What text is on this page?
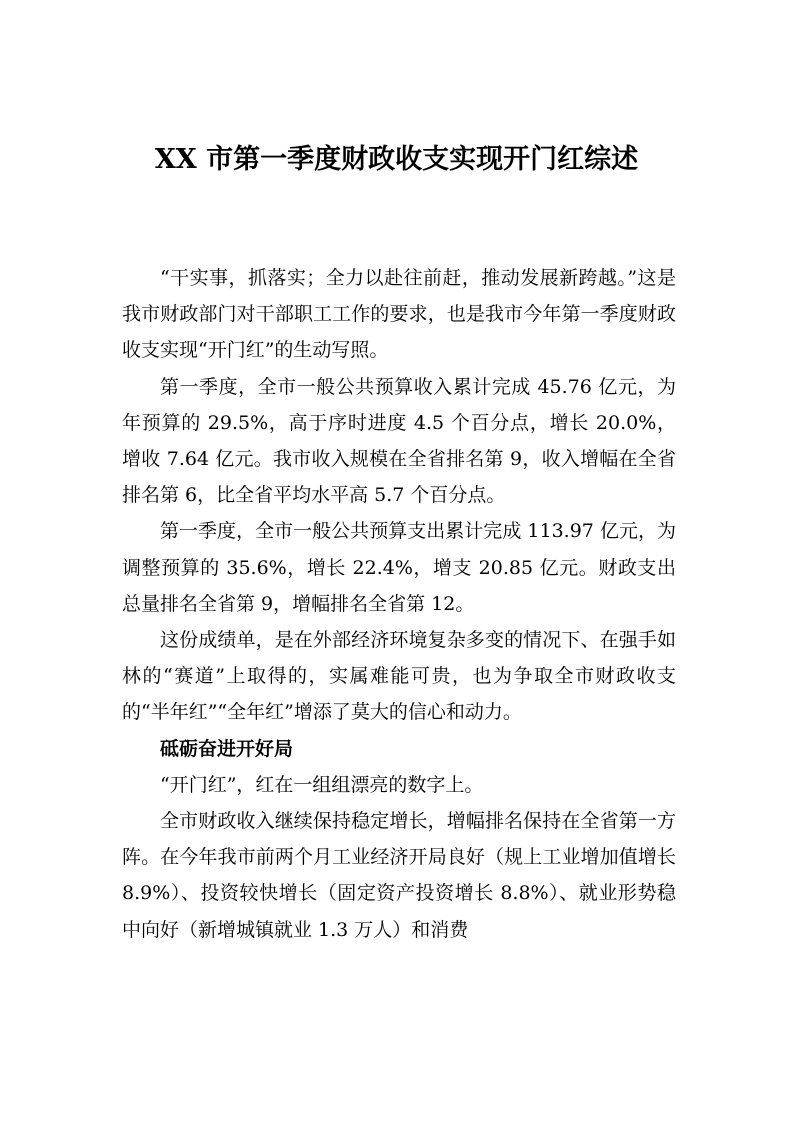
XX 市第一季度财政收支实现开门红综述

“干实事，抓落实；全力以赴往前赶，推动发展新跨越。”这是我市财政部门对干部职工工作的要求，也是我市今年第一季度财政收支实现“开门红”的生动写照。

第一季度，全市一般公共预算收入累计完成 45.76 亿元，为年预算的 29.5%，高于序时进度 4.5 个百分点，增长 20.0%，增收 7.64 亿元。我市收入规模在全省排名第 9，收入增幅在全省排名第 6，比全省平均水平高 5.7 个百分点。

第一季度，全市一般公共预算支出累计完成 113.97 亿元，为调整预算的 35.6%，增长 22.4%，增支 20.85 亿元。财政支出总量排名全省第 9，增幅排名全省第 12。

这份成绩单，是在外部经济环境复杂多变的情况下、在强手如林的“赛道”上取得的，实属难能可贵，也为争取全市财政收支的“半年红”“全年红”增添了莫大的信心和动力。

砥砺奋进开好局

“开门红”，红在一组组漂亮的数字上。

全市财政收入继续保持稳定增长，增幅排名保持在全省第一方阵。在今年我市前两个月工业经济开局良好（规上工业增加值增长 8.9%）、投资较快增长（固定资产投资增长 8.8%）、就业形势稳中向好（新增城镇就业 1.3 万人）和消费
